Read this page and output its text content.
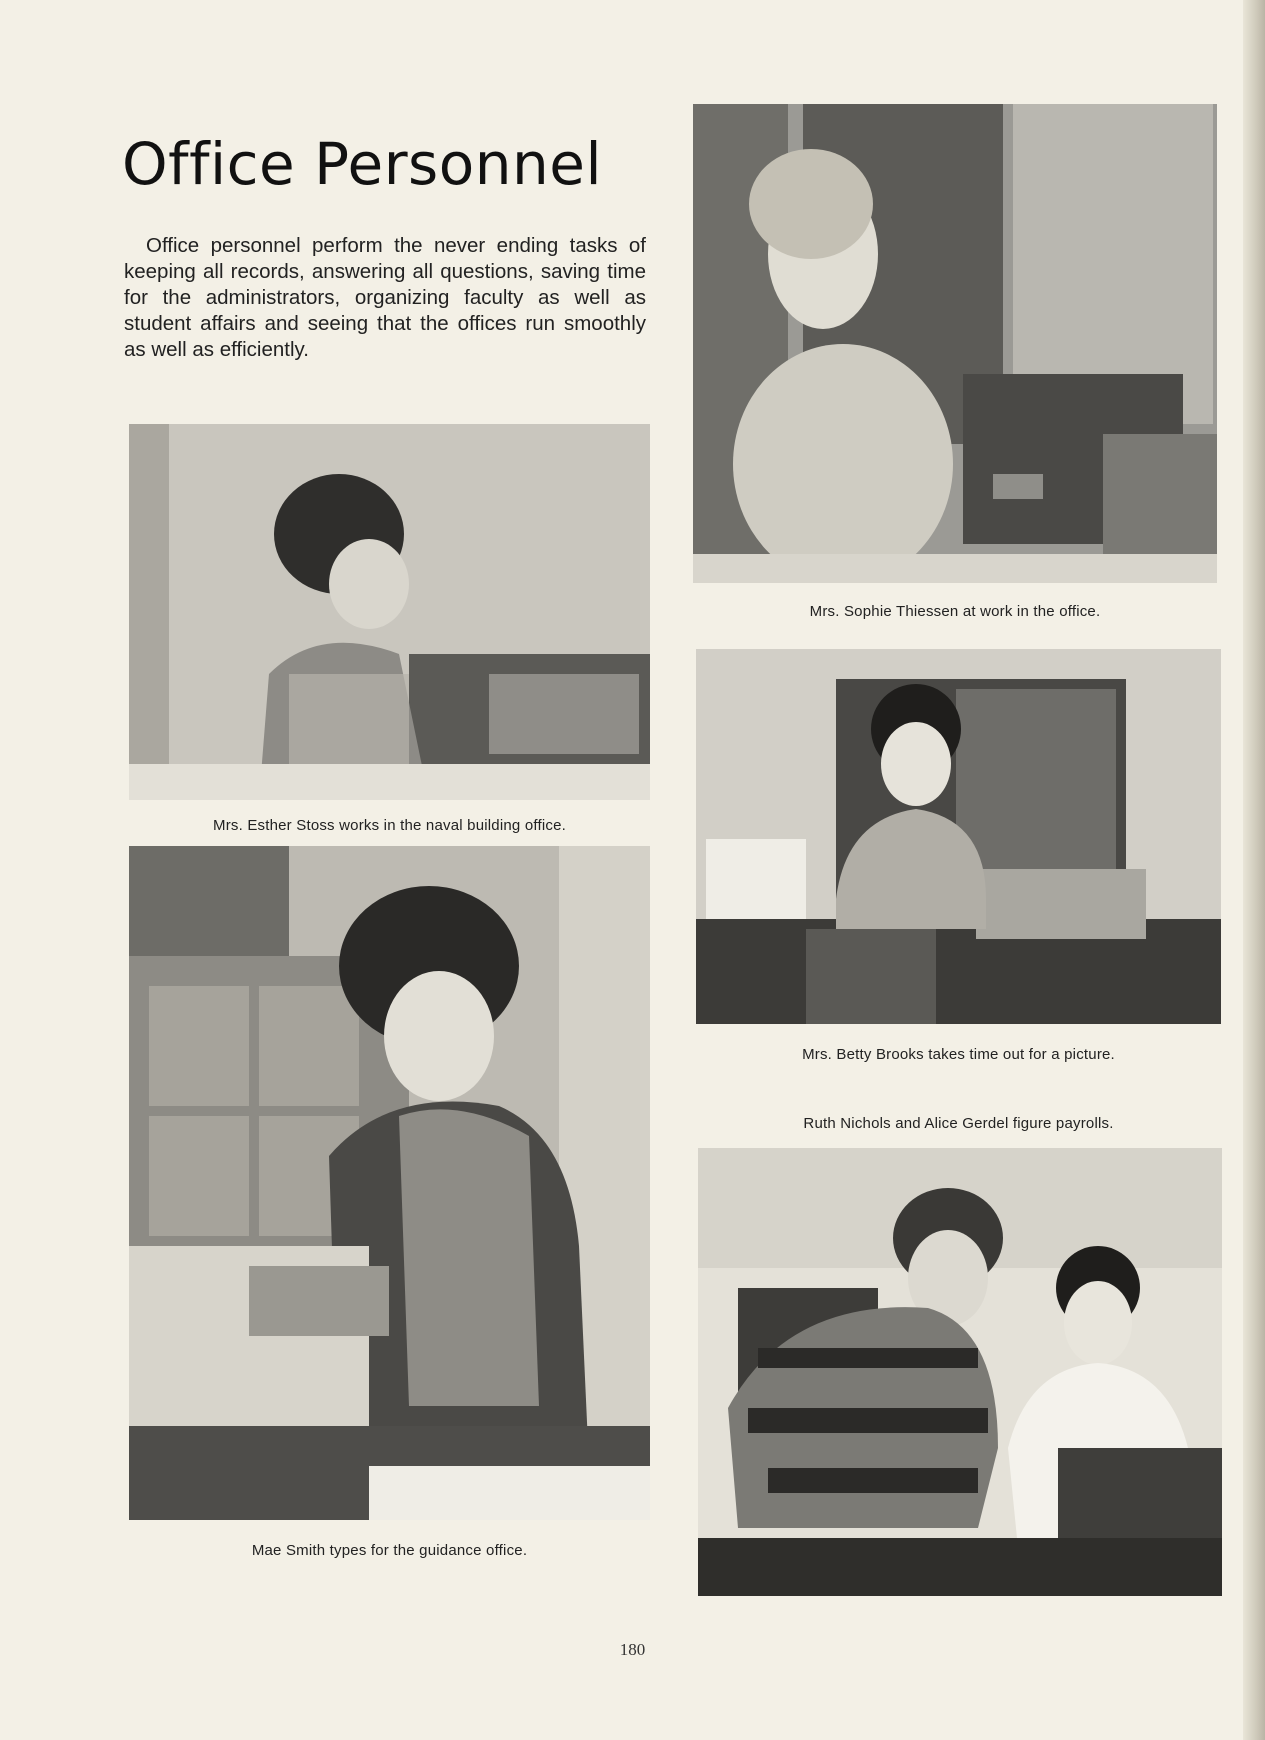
Office Personnel

Office personnel perform the never ending tasks of keeping all records, answering all questions, saving time for the administrators, organizing faculty as well as student affairs and seeing that the offices run smoothly as well as efficiently.

Mrs. Sophie Thiessen at work in the office.
Mrs. Esther Stoss works in the naval building office.
Mrs. Betty Brooks takes time out for a picture.
Mae Smith types for the guidance office.
Ruth Nichols and Alice Gerdel figure payrolls.
180
